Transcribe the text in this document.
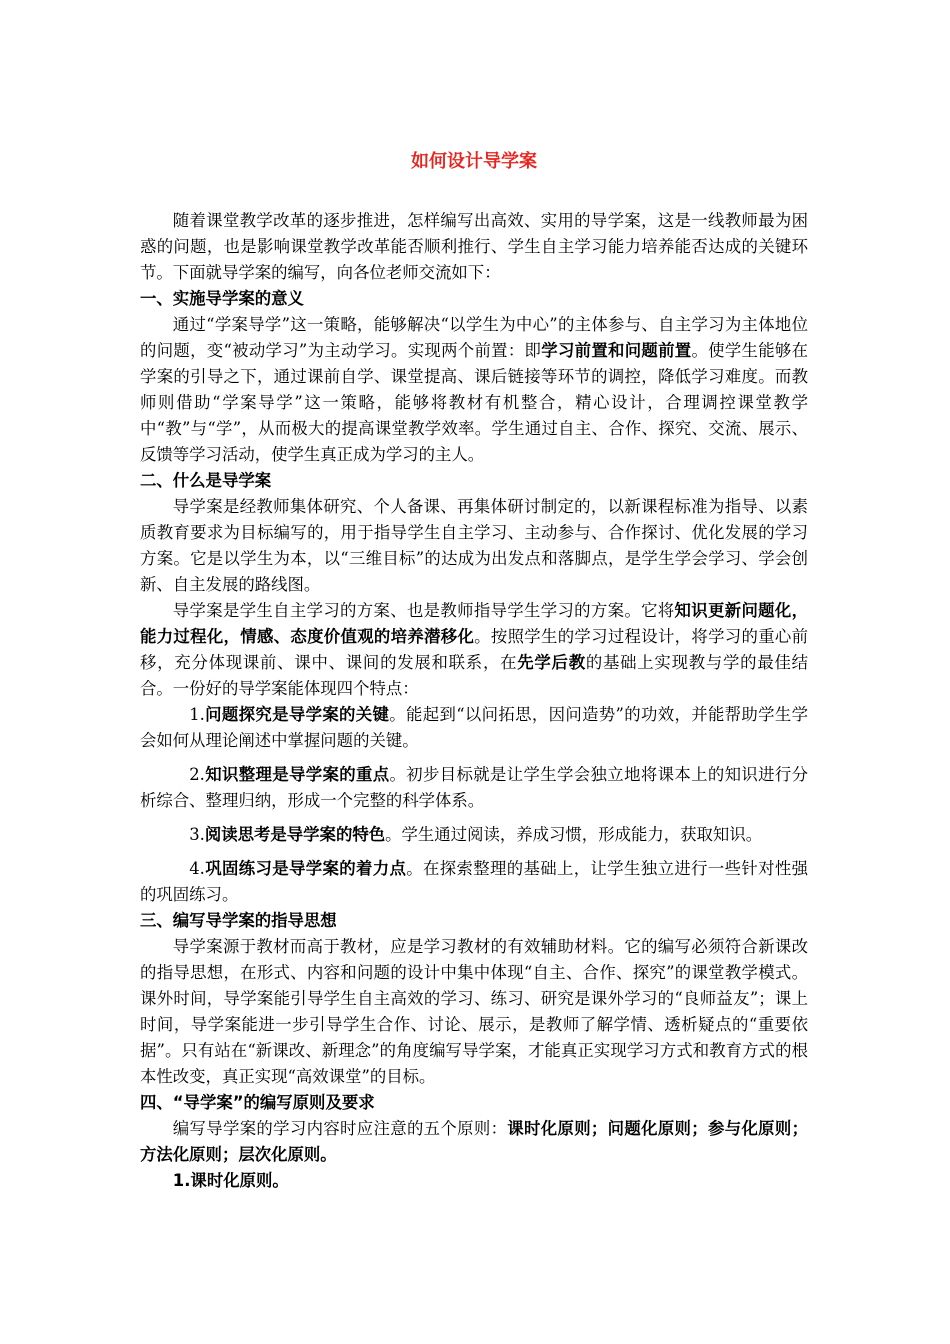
如何设计导学案

随着课堂教学改革的逐步推进，怎样编写出高效、实用的导学案，这是一线教师最为困惑的问题，也是影响课堂教学改革能否顺利推行、学生自主学习能力培养能否达成的关键环节。下面就导学案的编写，向各位老师交流如下：

一、实施导学案的意义

通过“学案导学”这一策略，能够解决“以学生为中心”的主体参与、自主学习为主体地位的问题，变“被动学习”为主动学习。实现两个前置：即学习前置和问题前置。使学生能够在学案的引导之下，通过课前自学、课堂提高、课后链接等环节的调控，降低学习难度。而教师则借助“学案导学”这一策略，能够将教材有机整合，精心设计，合理调控课堂教学中“教”与“学”，从而极大的提高课堂教学效率。学生通过自主、合作、探究、交流、展示、反馈等学习活动，使学生真正成为学习的主人。

二、什么是导学案

导学案是经教师集体研究、个人备课、再集体研讨制定的，以新课程标准为指导、以素质教育要求为目标编写的，用于指导学生自主学习、主动参与、合作探讨、优化发展的学习方案。它是以学生为本，以“三维目标”的达成为出发点和落脚点，是学生学会学习、学会创新、自主发展的路线图。

导学案是学生自主学习的方案、也是教师指导学生学习的方案。它将知识更新问题化，能力过程化，情感、态度价值观的培养潜移化。按照学生的学习过程设计，将学习的重心前移，充分体现课前、课中、课间的发展和联系，在先学后教的基础上实现教与学的最佳结合。一份好的导学案能体现四个特点：

1.问题探究是导学案的关键。能起到“以问拓思，因问造势”的功效，并能帮助学生学会如何从理论阐述中掌握问题的关键。

2.知识整理是导学案的重点。初步目标就是让学生学会独立地将课本上的知识进行分析综合、整理归纳，形成一个完整的科学体系。

3.阅读思考是导学案的特色。学生通过阅读，养成习惯，形成能力，获取知识。

4.巩固练习是导学案的着力点。在探索整理的基础上，让学生独立进行一些针对性强的巩固练习。

三、编写导学案的指导思想

导学案源于教材而高于教材，应是学习教材的有效辅助材料。它的编写必须符合新课改的指导思想，在形式、内容和问题的设计中集中体现“自主、合作、探究”的课堂教学模式。课外时间，导学案能引导学生自主高效的学习、练习、研究是课外学习的“良师益友”；课上时间，导学案能进一步引导学生合作、讨论、展示，是教师了解学情、透析疑点的“重要依据”。只有站在“新课改、新理念”的角度编写导学案，才能真正实现学习方式和教育方式的根本性改变，真正实现“高效课堂”的目标。

四、“导学案”的编写原则及要求

编写导学案的学习内容时应注意的五个原则：课时化原则；问题化原则；参与化原则；方法化原则；层次化原则。

1.课时化原则。
